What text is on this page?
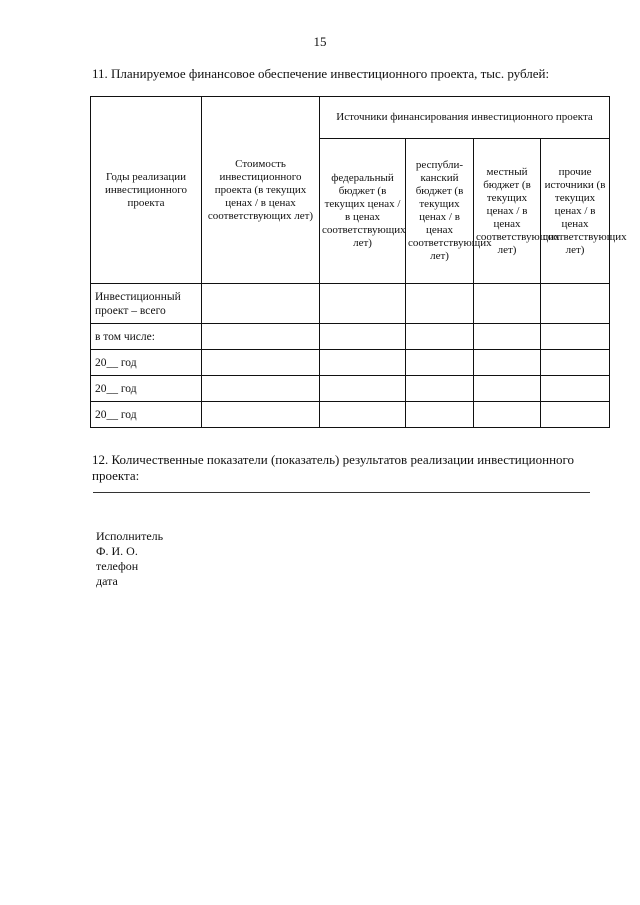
15
11. Планируемое финансовое обеспечение инвестиционного проекта, тыс. рублей:
Годы реализации инвестиционного проекта	Стоимость инвестиционного проекта (в текущих ценах / в ценах соответствующих лет)	Источники финансирования инвестиционного проекта			
		федеральный бюджет (в текущих ценах / в ценах соответствующих лет)	республи-канский бюджет (в текущих ценах / в ценах соответствующих лет)	местный бюджет (в текущих ценах / в ценах соответствующих лет)	прочие источники (в текущих ценах / в ценах соответствующих лет)
Инвестиционный проект – всего					
в том числе:					
20__ год					
20__ год					
20__ год					
12. Количественные показатели (показатель) результатов реализации инвестиционного проекта:
Исполнитель
Ф. И. О.
телефон
дата
